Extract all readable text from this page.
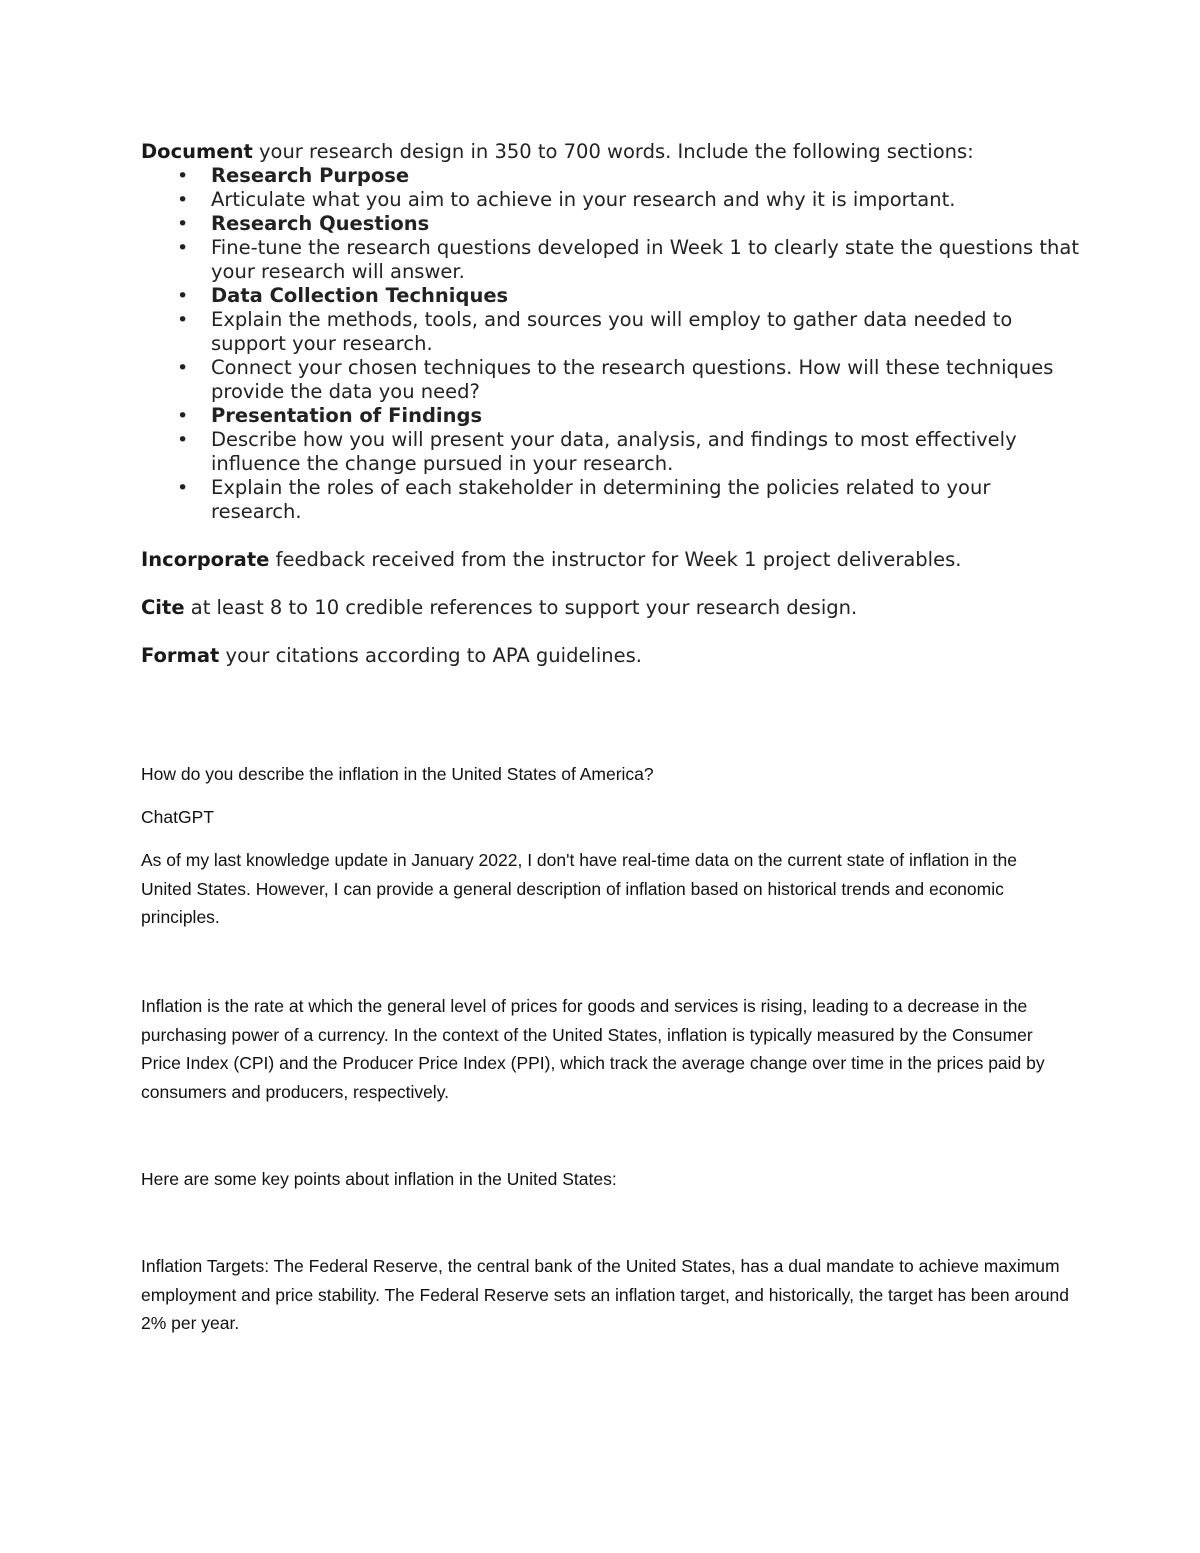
Document your research design in 350 to 700 words. Include the following sections:

• Research Purpose
• Articulate what you aim to achieve in your research and why it is important.
• Research Questions
• Fine-tune the research questions developed in Week 1 to clearly state the questions that your research will answer.
• Data Collection Techniques
• Explain the methods, tools, and sources you will employ to gather data needed to support your research.
• Connect your chosen techniques to the research questions. How will these techniques provide the data you need?
• Presentation of Findings
• Describe how you will present your data, analysis, and findings to most effectively influence the change pursued in your research.
• Explain the roles of each stakeholder in determining the policies related to your research.

Incorporate feedback received from the instructor for Week 1 project deliverables.

Cite at least 8 to 10 credible references to support your research design.

Format your citations according to APA guidelines.

How do you describe the inflation in the United States of America?

ChatGPT

As of my last knowledge update in January 2022, I don't have real-time data on the current state of inflation in the United States. However, I can provide a general description of inflation based on historical trends and economic principles.

Inflation is the rate at which the general level of prices for goods and services is rising, leading to a decrease in the purchasing power of a currency. In the context of the United States, inflation is typically measured by the Consumer Price Index (CPI) and the Producer Price Index (PPI), which track the average change over time in the prices paid by consumers and producers, respectively.

Here are some key points about inflation in the United States:

Inflation Targets: The Federal Reserve, the central bank of the United States, has a dual mandate to achieve maximum employment and price stability. The Federal Reserve sets an inflation target, and historically, the target has been around 2% per year.
